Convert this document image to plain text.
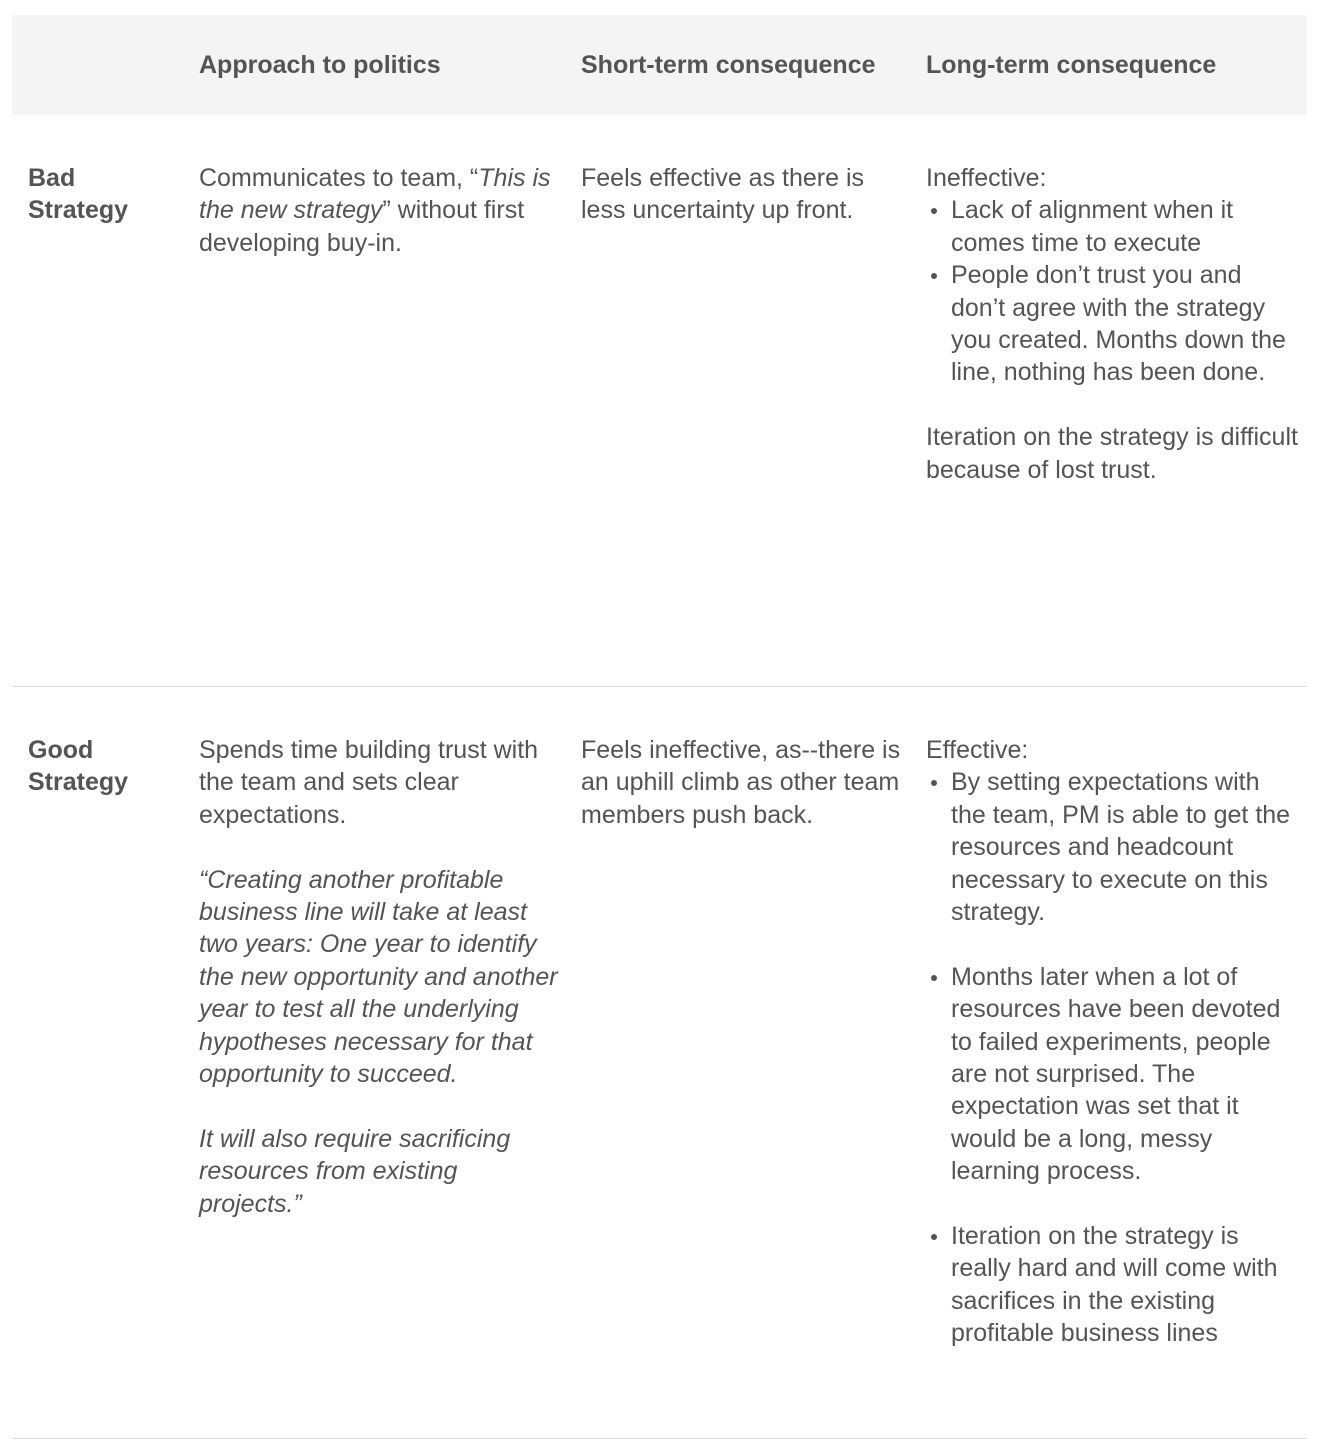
Approach to politics	Short-term consequence Long-term consequence
Bad Strategy

Communicates to team, “This is the new strategy” without first developing buy-in.

Feels effective as there is less uncertainty up front.

Ineffective:

Lack of alignment when it comes time to execute
People don’t trust you and don’t agree with the strategy you created. Months down the line, nothing has been done.

Iteration on the strategy is difficult because of lost trust.

Good Strategy

Spends time building trust with the team and sets clear expectations.

“Creating another profitable business line will take at least two years: One year to identify the new opportunity and another year to test all the underlying hypotheses necessary for that opportunity to succeed.

It will also require sacrificing resources from existing projects.”

Feels ineffective, as--there is an uphill climb as other team members push back.

Effective:

By setting expectations with the team, PM is able to get the resources and headcount necessary to execute on this strategy.
Months later when a lot of resources have been devoted to failed experiments, people are not surprised. The expectation was set that it would be a long, messy learning process.
Iteration on the strategy is really hard and will come with sacrifices in the existing profitable business lines
